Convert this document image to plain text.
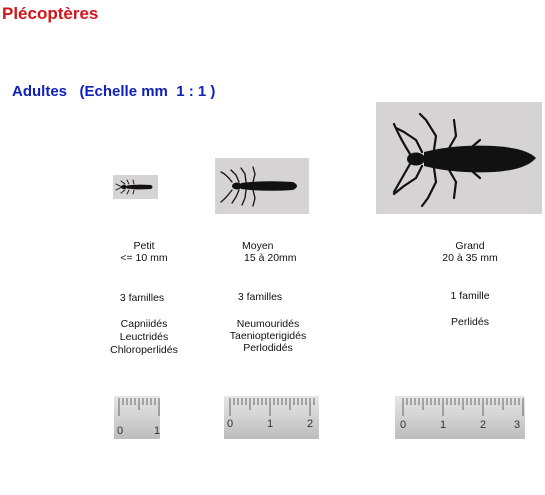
Plécoptères
Adultes   (Echelle mm  1 : 1 )
Petit
<= 10 mm
3 familles
Capniidés
Leuctridés
Chloroperlidés
Moyen
15 à 20mm
3 familles
Neumouridés
Taeniopterigidés
Perlodidés
Grand
20 à 35 mm
1 famille
Perlidés
0	1
0	1	2	0	1	2	3
